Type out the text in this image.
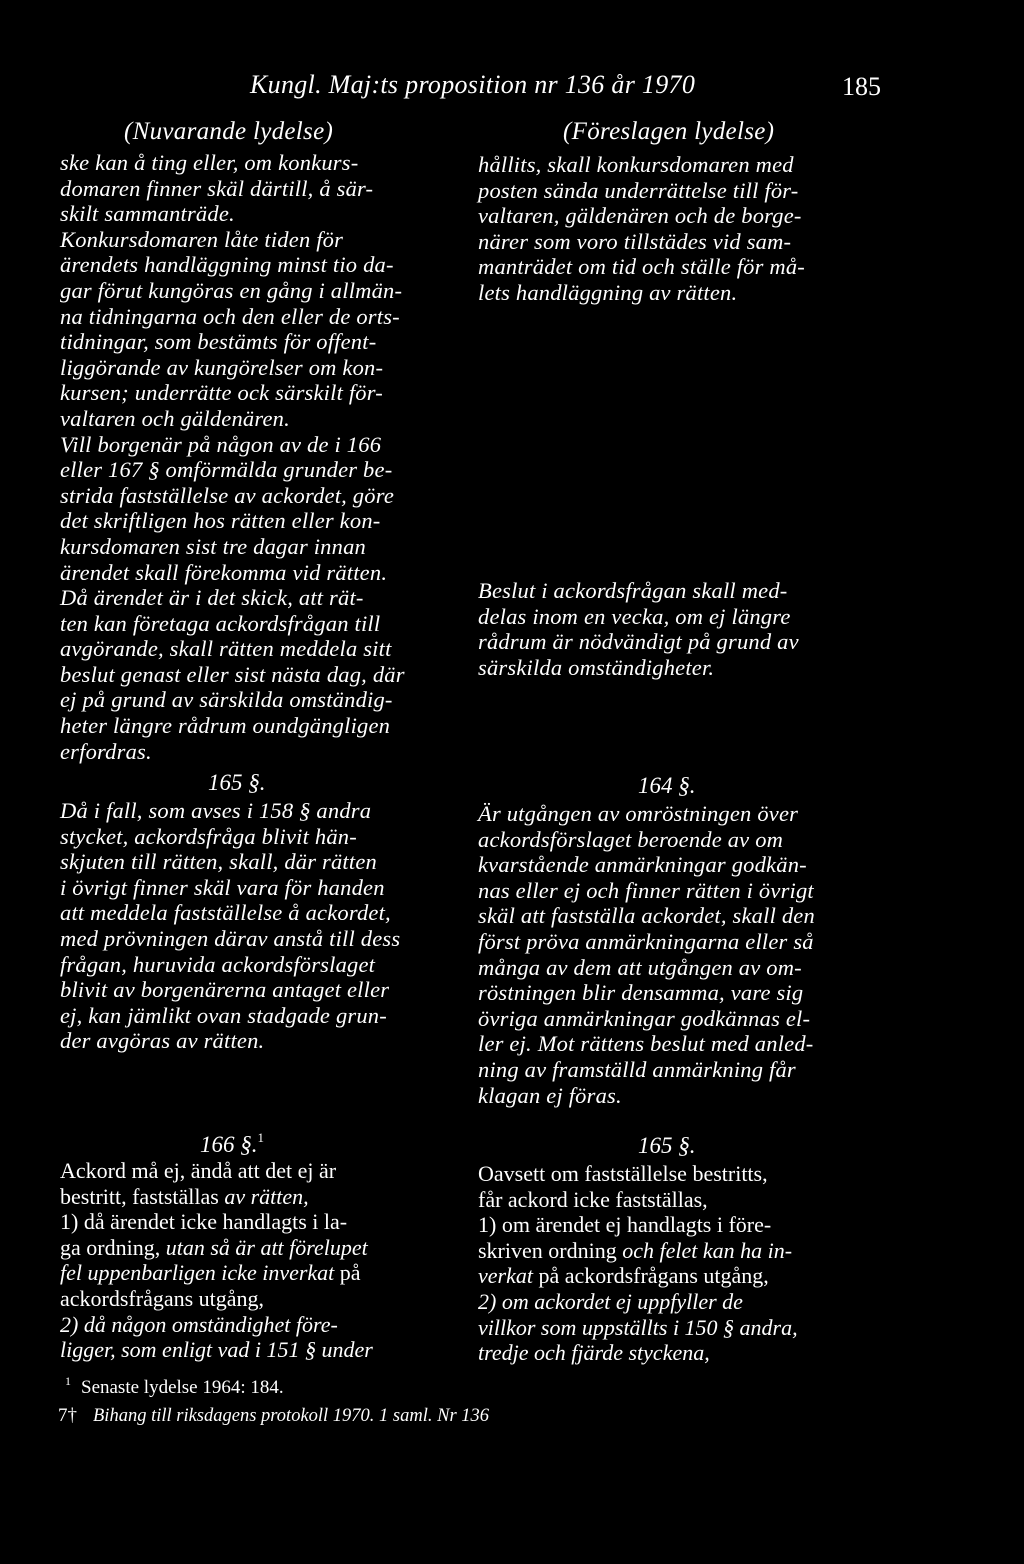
Kungl. Maj:ts proposition nr 136 år 1970	185
(Nuvarande lydelse)	(Föreslagen lydelse)
ske kan å ting eller, om konkurs-
domaren finner skäl därtill, å sär-
skilt sammanträde.
Konkursdomaren låte tiden för
ärendets handläggning minst tio da-
gar förut kungöras en gång i allmän-
na tidningarna och den eller de orts-
tidningar, som bestämts för offent-
liggörande av kungörelser om kon-
kursen; underrätte ock särskilt för-
valtaren och gäldenären.
Vill borgenär på någon av de i 166
eller 167 § omförmälda grunder be-
strida fastställelse av ackordet, göre
det skriftligen hos rätten eller kon-
kursdomaren sist tre dagar innan
ärendet skall förekomma vid rätten.
Då ärendet är i det skick, att rät-
ten kan företaga ackordsfrågan till
avgörande, skall rätten meddela sitt
beslut genast eller sist nästa dag, där
ej på grund av särskilda omständig-
heter längre rådrum oundgängligen
erfordras.
hållits, skall konkursdomaren med
posten sända underrättelse till för-
valtaren, gäldenären och de borge-
närer som voro tillstädes vid sam-
manträdet om tid och ställe för må-
lets handläggning av rätten.
Beslut i ackordsfrågan skall med-
delas inom en vecka, om ej längre
rådrum är nödvändigt på grund av
särskilda omständigheter.
165 §.
Då i fall, som avses i 158 § andra
stycket, ackordsfråga blivit hän-
skjuten till rätten, skall, där rätten
i övrigt finner skäl vara för handen
att meddela fastställelse å ackordet,
med prövningen därav anstå till dess
frågan, huruvida ackordsförslaget
blivit av borgenärerna antaget eller
ej, kan jämlikt ovan stadgade grun-
der avgöras av rätten.
164 §.
Är utgången av omröstningen över
ackordsförslaget beroende av om
kvarstående anmärkningar godkän-
nas eller ej och finner rätten i övrigt
skäl att fastställa ackordet, skall den
först pröva anmärkningarna eller så
många av dem att utgången av om-
röstningen blir densamma, vare sig
övriga anmärkningar godkännas el-
ler ej. Mot rättens beslut med anled-
ning av framställd anmärkning får
klagan ej föras.
166 §.$^1$
Ackord må ej, ändå att det ej är
bestritt, fastställas av rätten,
1) då ärendet icke handlagts i la-
ga ordning, utan så är att förelupet
fel uppenbarligen icke inverkat på
ackordsfrågans utgång,
2) då någon omständighet före-
ligger, som enligt vad i 151 § under
165 §.
Oavsett om fastställelse bestritts,
får ackord icke fastställas,
1) om ärendet ej handlagts i före-
skriven ordning och felet kan ha in-
verkat på ackordsfrågans utgång,
2) om ackordet ej uppfyller de
villkor som uppställts i 150 § andra,
tredje och fjärde styckena,
$^1$ Senaste lydelse 1964: 184.
7† Bihang till riksdagens protokoll 1970. 1 saml. Nr 136
